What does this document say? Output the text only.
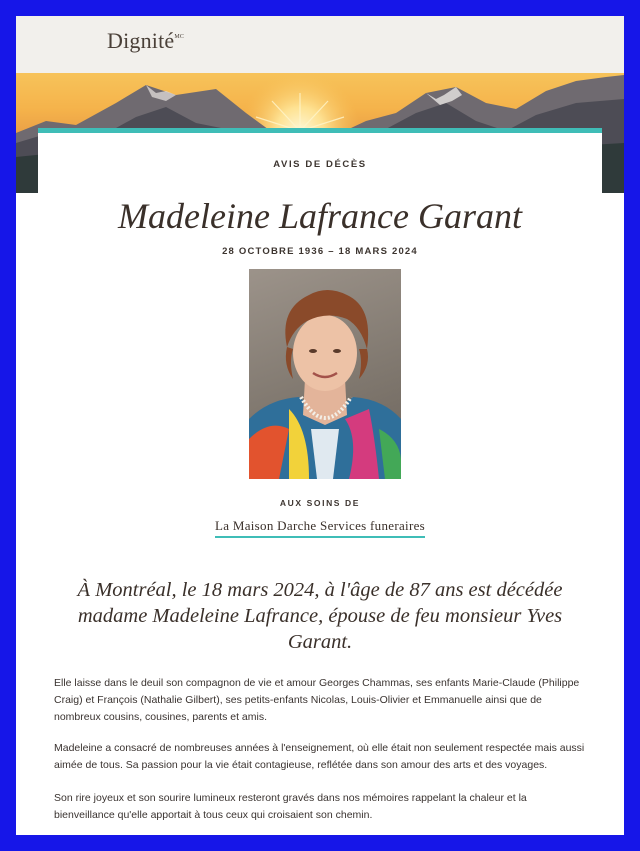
Dignité$^{MC}$
AVIS DE DÉCÈS
Madeleine Lafrance Garant
28 OCTOBRE 1936 – 18 MARS 2024
AUX SOINS DE
La Maison Darche Services funeraires
À Montréal, le 18 mars 2024, à l'âge de 87 ans est décédée madame Madeleine Lafrance, épouse de feu monsieur Yves Garant.
Elle laisse dans le deuil son compagnon de vie et amour Georges Chammas, ses enfants Marie-Claude (Philippe Craig) et François (Nathalie Gilbert), ses petits-enfants Nicolas, Louis-Olivier et Emmanuelle ainsi que de nombreux cousins, cousines, parents et amis.
Madeleine a consacré de nombreuses années à l'enseignement, où elle était non seulement respectée mais aussi aimée de tous. Sa passion pour la vie était contagieuse, reflétée dans son amour des arts et des voyages.
Son rire joyeux et son sourire lumineux resteront gravés dans nos mémoires rappelant la chaleur et la bienveillance qu'elle apportait à tous ceux qui croisaient son chemin.
